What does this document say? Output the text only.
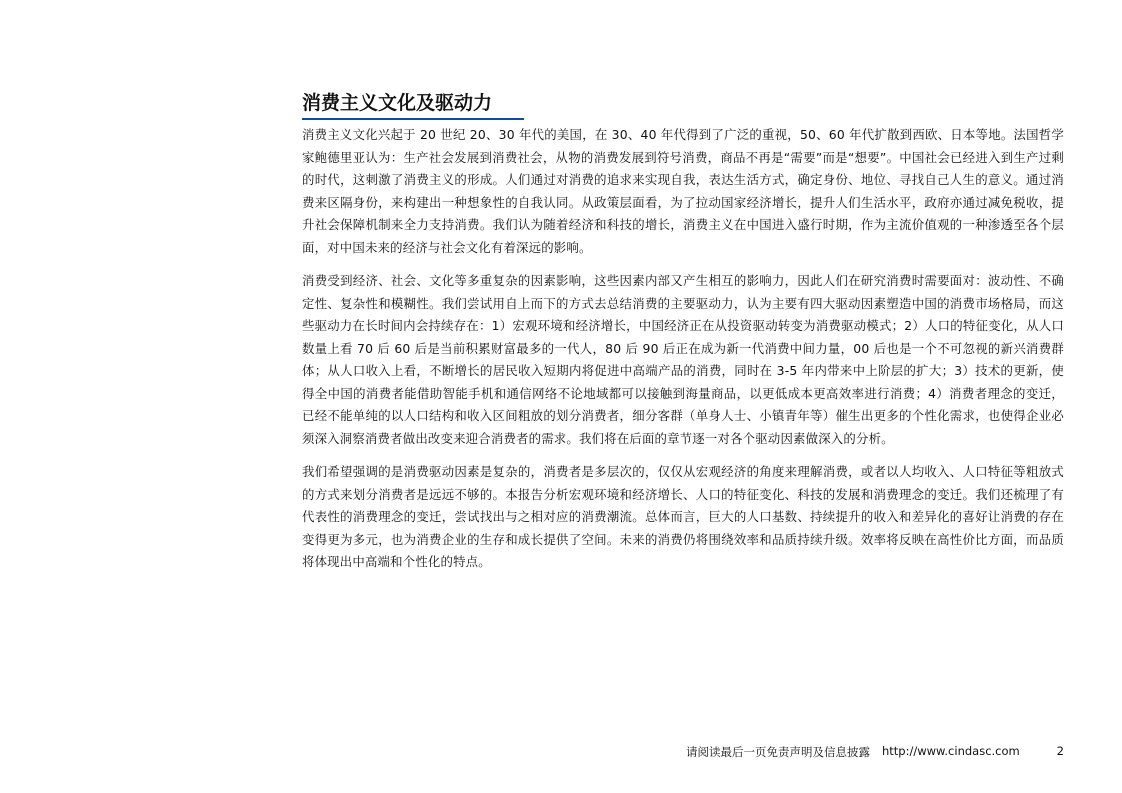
消费主义文化及驱动力

消费主义文化兴起于 20 世纪 20、30 年代的美国，在 30、40 年代得到了广泛的重视，50、60 年代扩散到西欧、日本等地。法国哲学家鲍德里亚认为：生产社会发展到消费社会，从物的消费发展到符号消费，商品不再是“需要”而是“想要”。中国社会已经进入到生产过剩的时代，这刺激了消费主义的形成。人们通过对消费的追求来实现自我，表达生活方式，确定身份、地位、寻找自己人生的意义。通过消费来区隔身份，来构建出一种想象性的自我认同。从政策层面看，为了拉动国家经济增长，提升人们生活水平，政府亦通过减免税收，提升社会保障机制来全力支持消费。我们认为随着经济和科技的增长，消费主义在中国进入盛行时期，作为主流价值观的一种渗透至各个层面，对中国未来的经济与社会文化有着深远的影响。

消费受到经济、社会、文化等多重复杂的因素影响，这些因素内部又产生相互的影响力，因此人们在研究消费时需要面对：波动性、不确定性、复杂性和模糊性。我们尝试用自上而下的方式去总结消费的主要驱动力，认为主要有四大驱动因素塑造中国的消费市场格局，而这些驱动力在长时间内会持续存在：1）宏观环境和经济增长，中国经济正在从投资驱动转变为消费驱动模式；2）人口的特征变化，从人口数量上看 70 后 60 后是当前积累财富最多的一代人，80 后 90 后正在成为新一代消费中间力量，00 后也是一个不可忽视的新兴消费群体；从人口收入上看，不断增长的居民收入短期内将促进中高端产品的消费，同时在 3-5 年内带来中上阶层的扩大；3）技术的更新，使得全中国的消费者能借助智能手机和通信网络不论地域都可以接触到海量商品，以更低成本更高效率进行消费；4）消费者理念的变迁，已经不能单纯的以人口结构和收入区间粗放的划分消费者，细分客群（单身人士、小镇青年等）催生出更多的个性化需求，也使得企业必须深入洞察消费者做出改变来迎合消费者的需求。我们将在后面的章节逐一对各个驱动因素做深入的分析。

我们希望强调的是消费驱动因素是复杂的，消费者是多层次的，仅仅从宏观经济的角度来理解消费，或者以人均收入、人口特征等粗放式的方式来划分消费者是远远不够的。本报告分析宏观环境和经济增长、人口的特征变化、科技的发展和消费理念的变迁。我们还梳理了有代表性的消费理念的变迁，尝试找出与之相对应的消费潮流。总体而言，巨大的人口基数、持续提升的收入和差异化的喜好让消费的存在变得更为多元，也为消费企业的生存和成长提供了空间。未来的消费仍将围绕效率和品质持续升级。效率将反映在高性价比方面，而品质将体现出中高端和个性化的特点。

请阅读最后一页免责声明及信息披露 http://www.cindasc.com	2
